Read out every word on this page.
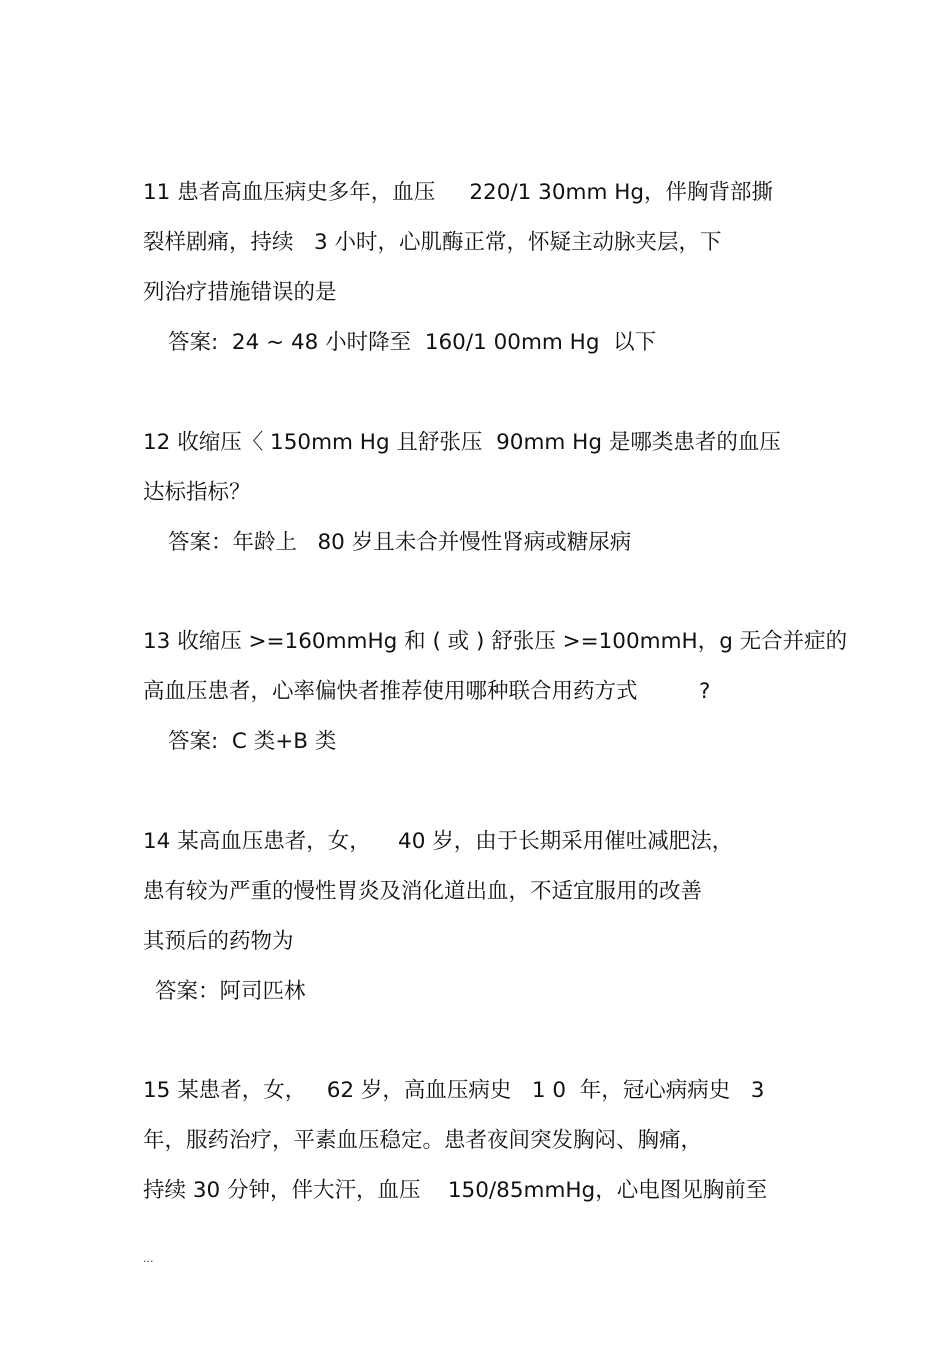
11 患者高血压病史多年，血压     220/1 30mm Hg，伴胸背部撕
裂样剧痛，持续   3 小时，心肌酶正常，怀疑主动脉夹层，下
列治疗措施错误的是
答案:  24 ~ 48 小时降至  160/1 00mm Hg  以下
12 收缩压〈 150mm Hg 且舒张压  90mm Hg 是哪类患者的血压
达标指标？
答案：年龄上   80 岁且未合并慢性肾病或糖尿病
13 收缩压 >=160mmHg 和 ( 或 ) 舒张压 >=100mmH，g 无合并症的
高血压患者，心率偏快者推荐使用哪种联合用药方式         ?
答案:  C 类+B 类
14 某高血压患者，女，    40 岁，由于长期采用催吐减肥法，
患有较为严重的慢性胃炎及消化道出血，不适宜服用的改善
其预后的药物为
答案：阿司匹林
15 某患者，女，   62 岁，高血压病史   1 0  年，冠心病病史   3
年，服药治疗，平素血压稳定。患者夜间突发胸闷、胸痛，
持续 30 分钟，伴大汗，血压    150/85mmHg，心电图见胸前至
...
